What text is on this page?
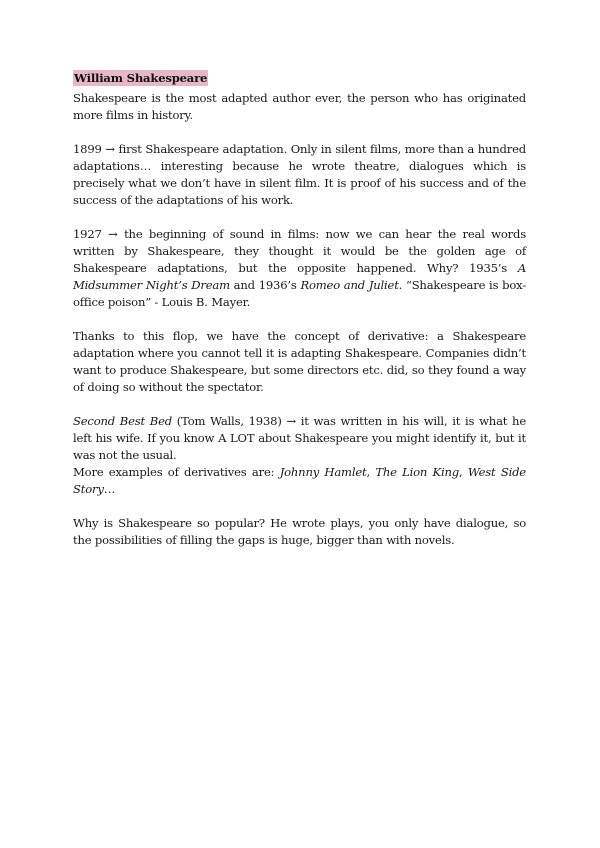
William Shakespeare

Shakespeare is the most adapted author ever, the person who has originated more films in history.

1899 → first Shakespeare adaptation. Only in silent films, more than a hundred adaptations… interesting because he wrote theatre, dialogues which is precisely what we don’t have in silent film. It is proof of his success and of the success of the adaptations of his work.

1927 → the beginning of sound in films: now we can hear the real words written by Shakespeare, they thought it would be the golden age of Shakespeare adaptations, but the opposite happened. Why? 1935’s A Midsummer Night’s Dream and 1936’s Romeo and Juliet. “Shakespeare is box-office poison” - Louis B. Mayer.

Thanks to this flop, we have the concept of derivative: a Shakespeare adaptation where you cannot tell it is adapting Shakespeare. Companies didn’t want to produce Shakespeare, but some directors etc. did, so they found a way of doing so without the spectator.

Second Best Bed (Tom Walls, 1938) → it was written in his will, it is what he left his wife. If you know A LOT about Shakespeare you might identify it, but it was not the usual.

More examples of derivatives are: Johnny Hamlet, The Lion King, West Side Story…

Why is Shakespeare so popular? He wrote plays, you only have dialogue, so the possibilities of filling the gaps is huge, bigger than with novels.
